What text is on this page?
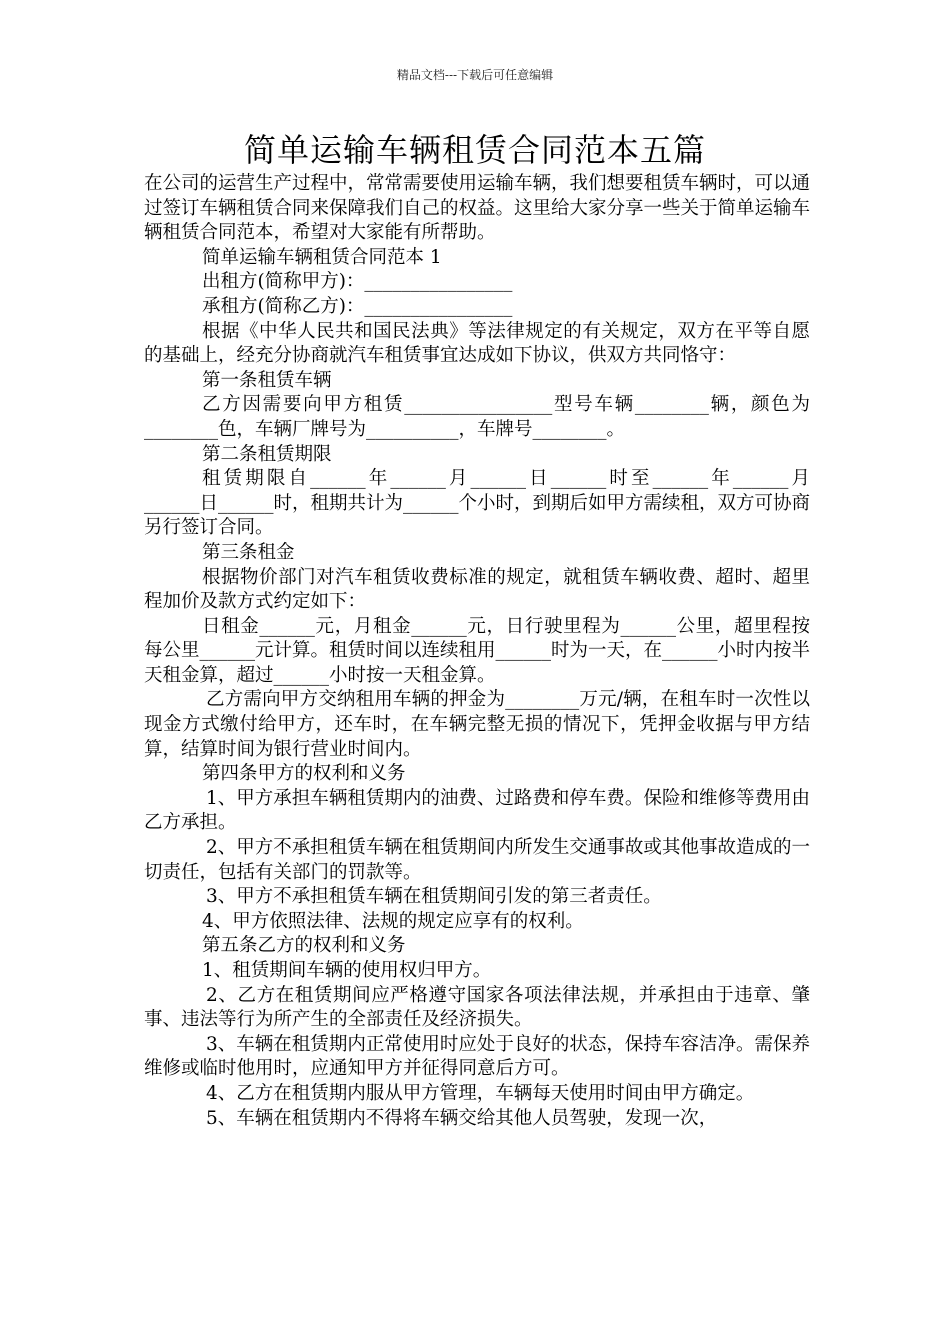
精品文档---下载后可任意编辑
简单运输车辆租赁合同范本五篇

在公司的运营生产过程中，常常需要使用运输车辆，我们想要租赁车辆时，可以通过签订车辆租赁合同来保障我们自己的权益。这里给大家分享一些关于简单运输车辆租赁合同范本，希望对大家能有所帮助。

简单运输车辆租赁合同范本 1

出租方(简称甲方)：________________

承租方(简称乙方)：________________

根据《中华人民共和国民法典》等法律规定的有关规定，双方在平等自愿的基础上，经充分协商就汽车租赁事宜达成如下协议，供双方共同恪守：

第一条租赁车辆

乙方因需要向甲方租赁________________型号车辆________辆，颜色为________色，车辆厂牌号为__________，车牌号________。

第二条租赁期限

租赁期限自______年______月______日______时至______年______月______日______时，租期共计为______个小时，到期后如甲方需续租，双方可协商另行签订合同。

第三条租金

根据物价部门对汽车租赁收费标准的规定，就租赁车辆收费、超时、超里程加价及款方式约定如下：

日租金______元，月租金______元，日行驶里程为______公里，超里程按每公里______元计算。租赁时间以连续租用______时为一天，在______小时内按半天租金算，超过______小时按一天租金算。

乙方需向甲方交纳租用车辆的押金为________万元/辆，在租车时一次性以现金方式缴付给甲方，还车时，在车辆完整无损的情况下，凭押金收据与甲方结算，结算时间为银行营业时间内。

第四条甲方的权利和义务

1、甲方承担车辆租赁期内的油费、过路费和停车费。保险和维修等费用由乙方承担。

2、甲方不承担租赁车辆在租赁期间内所发生交通事故或其他事故造成的一切责任，包括有关部门的罚款等。

3、甲方不承担租赁车辆在租赁期间引发的第三者责任。

4、甲方依照法律、法规的规定应享有的权利。

第五条乙方的权利和义务

1、租赁期间车辆的使用权归甲方。

2、乙方在租赁期间应严格遵守国家各项法律法规，并承担由于违章、肇事、违法等行为所产生的全部责任及经济损失。

3、车辆在租赁期内正常使用时应处于良好的状态，保持车容洁净。需保养维修或临时他用时，应通知甲方并征得同意后方可。

4、乙方在租赁期内服从甲方管理，车辆每天使用时间由甲方确定。

5、车辆在租赁期内不得将车辆交给其他人员驾驶，发现一次，
